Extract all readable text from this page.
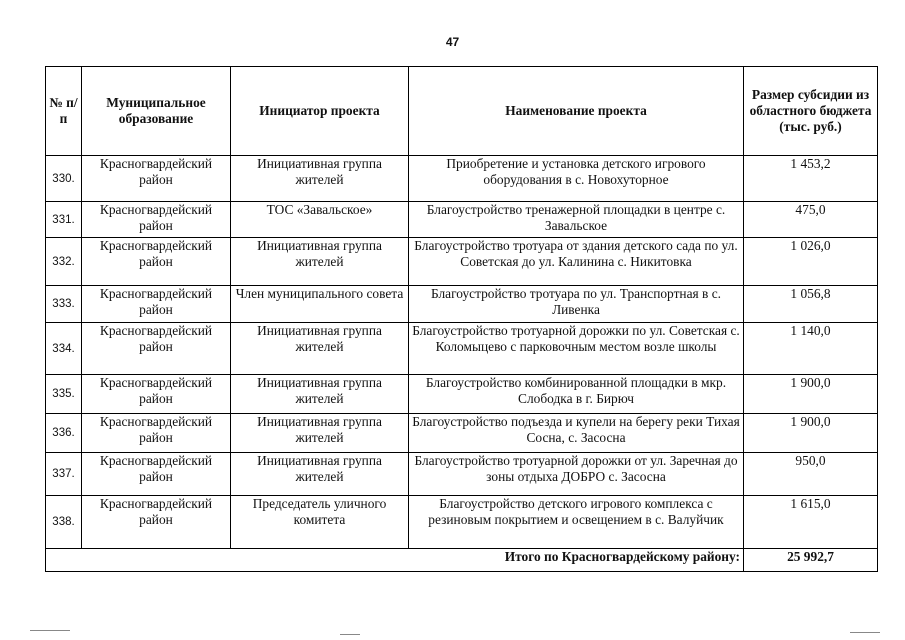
47
№ п/п	Муниципальное образование	Инициатор проекта	Наименование проекта	Размер субсидии из областного бюджета (тыс. руб.)
330.	Красногвардейский район	Инициативная группа жителей	Приобретение и установка детского игрового оборудования в с. Новохуторное	1 453,2
331.	Красногвардейский район	ТОС «Завальское»	Благоустройство тренажерной площадки в центре с. Завальское	475,0
332.	Красногвардейский район	Инициативная группа жителей	Благоустройство тротуара от здания детского сада по ул. Советская до ул. Калинина с. Никитовка	1 026,0
333.	Красногвардейский район	Член муниципального совета	Благоустройство тротуара по ул. Транспортная в с. Ливенка	1 056,8
334.	Красногвардейский район	Инициативная группа жителей	Благоустройство тротуарной дорожки по ул. Советская с. Коломыцево с парковочным местом возле школы	1 140,0
335.	Красногвардейский район	Инициативная группа жителей	Благоустройство комбинированной площадки в мкр. Слободка в г. Бирюч	1 900,0
336.	Красногвардейский район	Инициативная группа жителей	Благоустройство подъезда и купели на берегу реки Тихая Сосна, с. Засосна	1 900,0
337.	Красногвардейский район	Инициативная группа жителей	Благоустройство тротуарной дорожки от ул. Заречная до зоны отдыха ДОБРО с. Засосна	950,0
338.	Красногвардейский район	Председатель уличного комитета	Благоустройство детского игрового комплекса с резиновым покрытием и освещением в с. Валуйчик	1 615,0
Итого по Красногвардейскому району:				25 992,7
